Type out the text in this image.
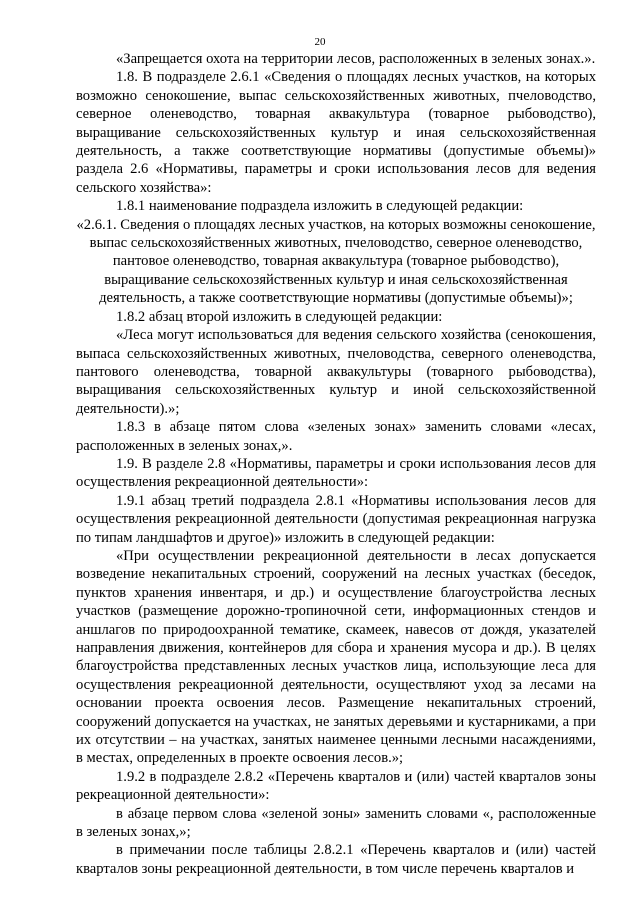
20

«Запрещается охота на территории лесов, расположенных в зеленых зонах.».

1.8. В подразделе 2.6.1 «Сведения о площадях лесных участков, на которых возможно сенокошение, выпас сельскохозяйственных животных, пчеловодство, северное оленеводство, товарная аквакультура (товарное рыбоводство), выращивание сельскохозяйственных культур и иная сельскохозяйственная деятельность, а также соответствующие нормативы (допустимые объемы)» раздела 2.6 «Нормативы, параметры и сроки использования лесов для ведения сельского хозяйства»:

1.8.1 наименование подраздела изложить в следующей редакции:

«2.6.1. Сведения о площадях лесных участков, на которых возможны сенокошение, выпас сельскохозяйственных животных, пчеловодство, северное оленеводство, пантовое оленеводство, товарная аквакультура (товарное рыбоводство), выращивание сельскохозяйственных культур и иная сельскохозяйственная деятельность, а также соответствующие нормативы (допустимые объемы)»;

1.8.2 абзац второй изложить в следующей редакции:

«Леса могут использоваться для ведения сельского хозяйства (сенокошения, выпаса сельскохозяйственных животных, пчеловодства, северного оленеводства, пантового оленеводства, товарной аквакультуры (товарного рыбоводства), выращивания сельскохозяйственных культур и иной сельскохозяйственной деятельности).»;

1.8.3 в абзаце пятом слова «зеленых зонах» заменить словами «лесах, расположенных в зеленых зонах,».

1.9. В разделе 2.8 «Нормативы, параметры и сроки использования лесов для осуществления рекреационной деятельности»:

1.9.1 абзац третий подраздела 2.8.1 «Нормативы использования лесов для осуществления рекреационной деятельности (допустимая рекреационная нагрузка по типам ландшафтов и другое)» изложить в следующей редакции:

«При осуществлении рекреационной деятельности в лесах допускается возведение некапитальных строений, сооружений на лесных участках (беседок, пунктов хранения инвентаря, и др.) и осуществление благоустройства лесных участков (размещение дорожно-тропиночной сети, информационных стендов и аншлагов по природоохранной тематике, скамеек, навесов от дождя, указателей направления движения, контейнеров для сбора и хранения мусора и др.). В целях благоустройства представленных лесных участков лица, использующие леса для осуществления рекреационной деятельности, осуществляют уход за лесами на основании проекта освоения лесов. Размещение некапитальных строений, сооружений допускается на участках, не занятых деревьями и кустарниками, а при их отсутствии – на участках, занятых наименее ценными лесными насаждениями, в местах, определенных в проекте освоения лесов.»;

1.9.2 в подразделе 2.8.2 «Перечень кварталов и (или) частей кварталов зоны рекреационной деятельности»:

в абзаце первом слова «зеленой зоны» заменить словами «, расположенные в зеленых зонах,»;

в примечании после таблицы 2.8.2.1 «Перечень кварталов и (или) частей кварталов зоны рекреационной деятельности, в том числе перечень кварталов и
